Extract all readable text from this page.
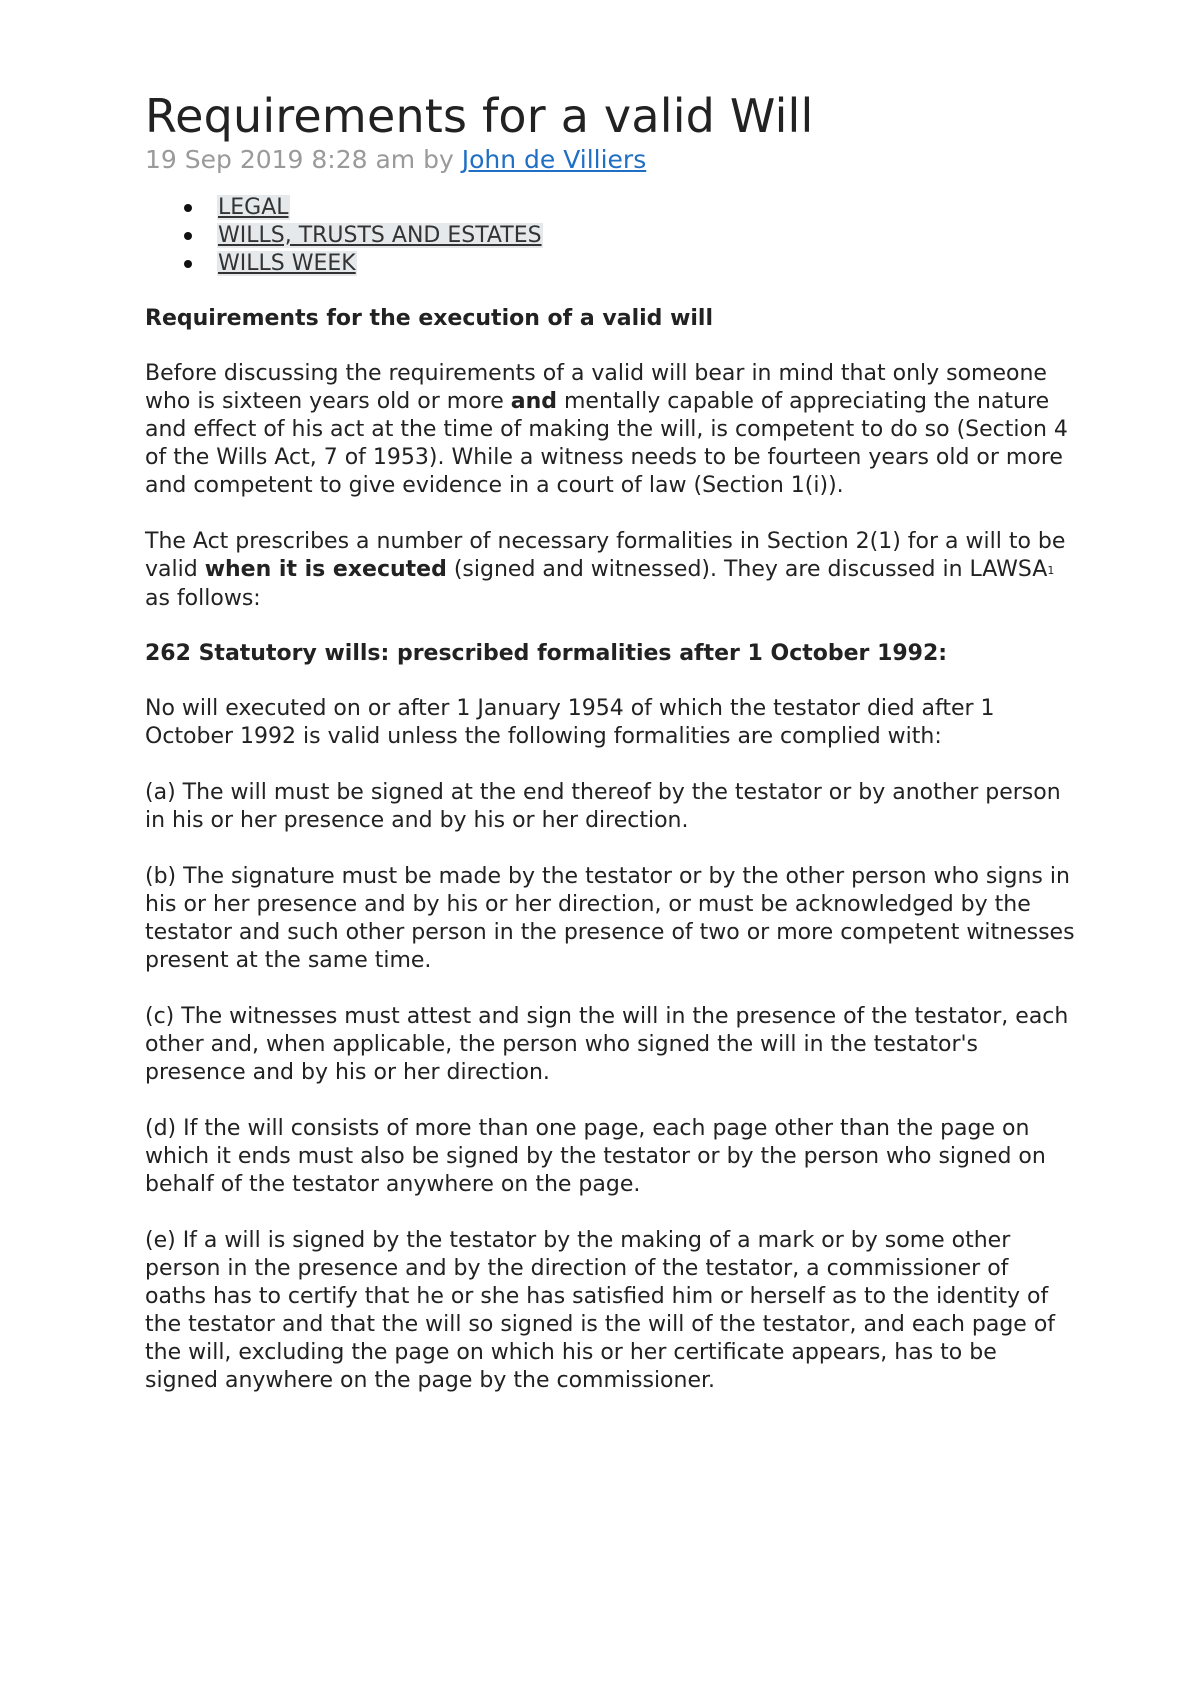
Requirements for a valid Will
19 Sep 2019 8:28 am by John de Villiers
LEGAL
WILLS, TRUSTS AND ESTATES
WILLS WEEK

Requirements for the execution of a valid will

Before discussing the requirements of a valid will bear in mind that only someone who is sixteen years old or more and mentally capable of appreciating the nature and effect of his act at the time of making the will, is competent to do so (Section 4 of the Wills Act, 7 of 1953). While a witness needs to be fourteen years old or more and competent to give evidence in a court of law (Section 1(i)).

The Act prescribes a number of necessary formalities in Section 2(1) for a will to be valid when it is executed (signed and witnessed). They are discussed in LAWSA1 as follows:

262 Statutory wills: prescribed formalities after 1 October 1992:

No will executed on or after 1 January 1954 of which the testator died after 1 October 1992 is valid unless the following formalities are complied with:

(a) The will must be signed at the end thereof by the testator or by another person in his or her presence and by his or her direction.

(b) The signature must be made by the testator or by the other person who signs in his or her presence and by his or her direction, or must be acknowledged by the testator and such other person in the presence of two or more competent witnesses present at the same time.

(c) The witnesses must attest and sign the will in the presence of the testator, each other and, when applicable, the person who signed the will in the testator's presence and by his or her direction.

(d) If the will consists of more than one page, each page other than the page on which it ends must also be signed by the testator or by the person who signed on behalf of the testator anywhere on the page.

(e) If a will is signed by the testator by the making of a mark or by some other person in the presence and by the direction of the testator, a commissioner of oaths has to certify that he or she has satisfied him or herself as to the identity of the testator and that the will so signed is the will of the testator, and each page of the will, excluding the page on which his or her certificate appears, has to be signed anywhere on the page by the commissioner.
